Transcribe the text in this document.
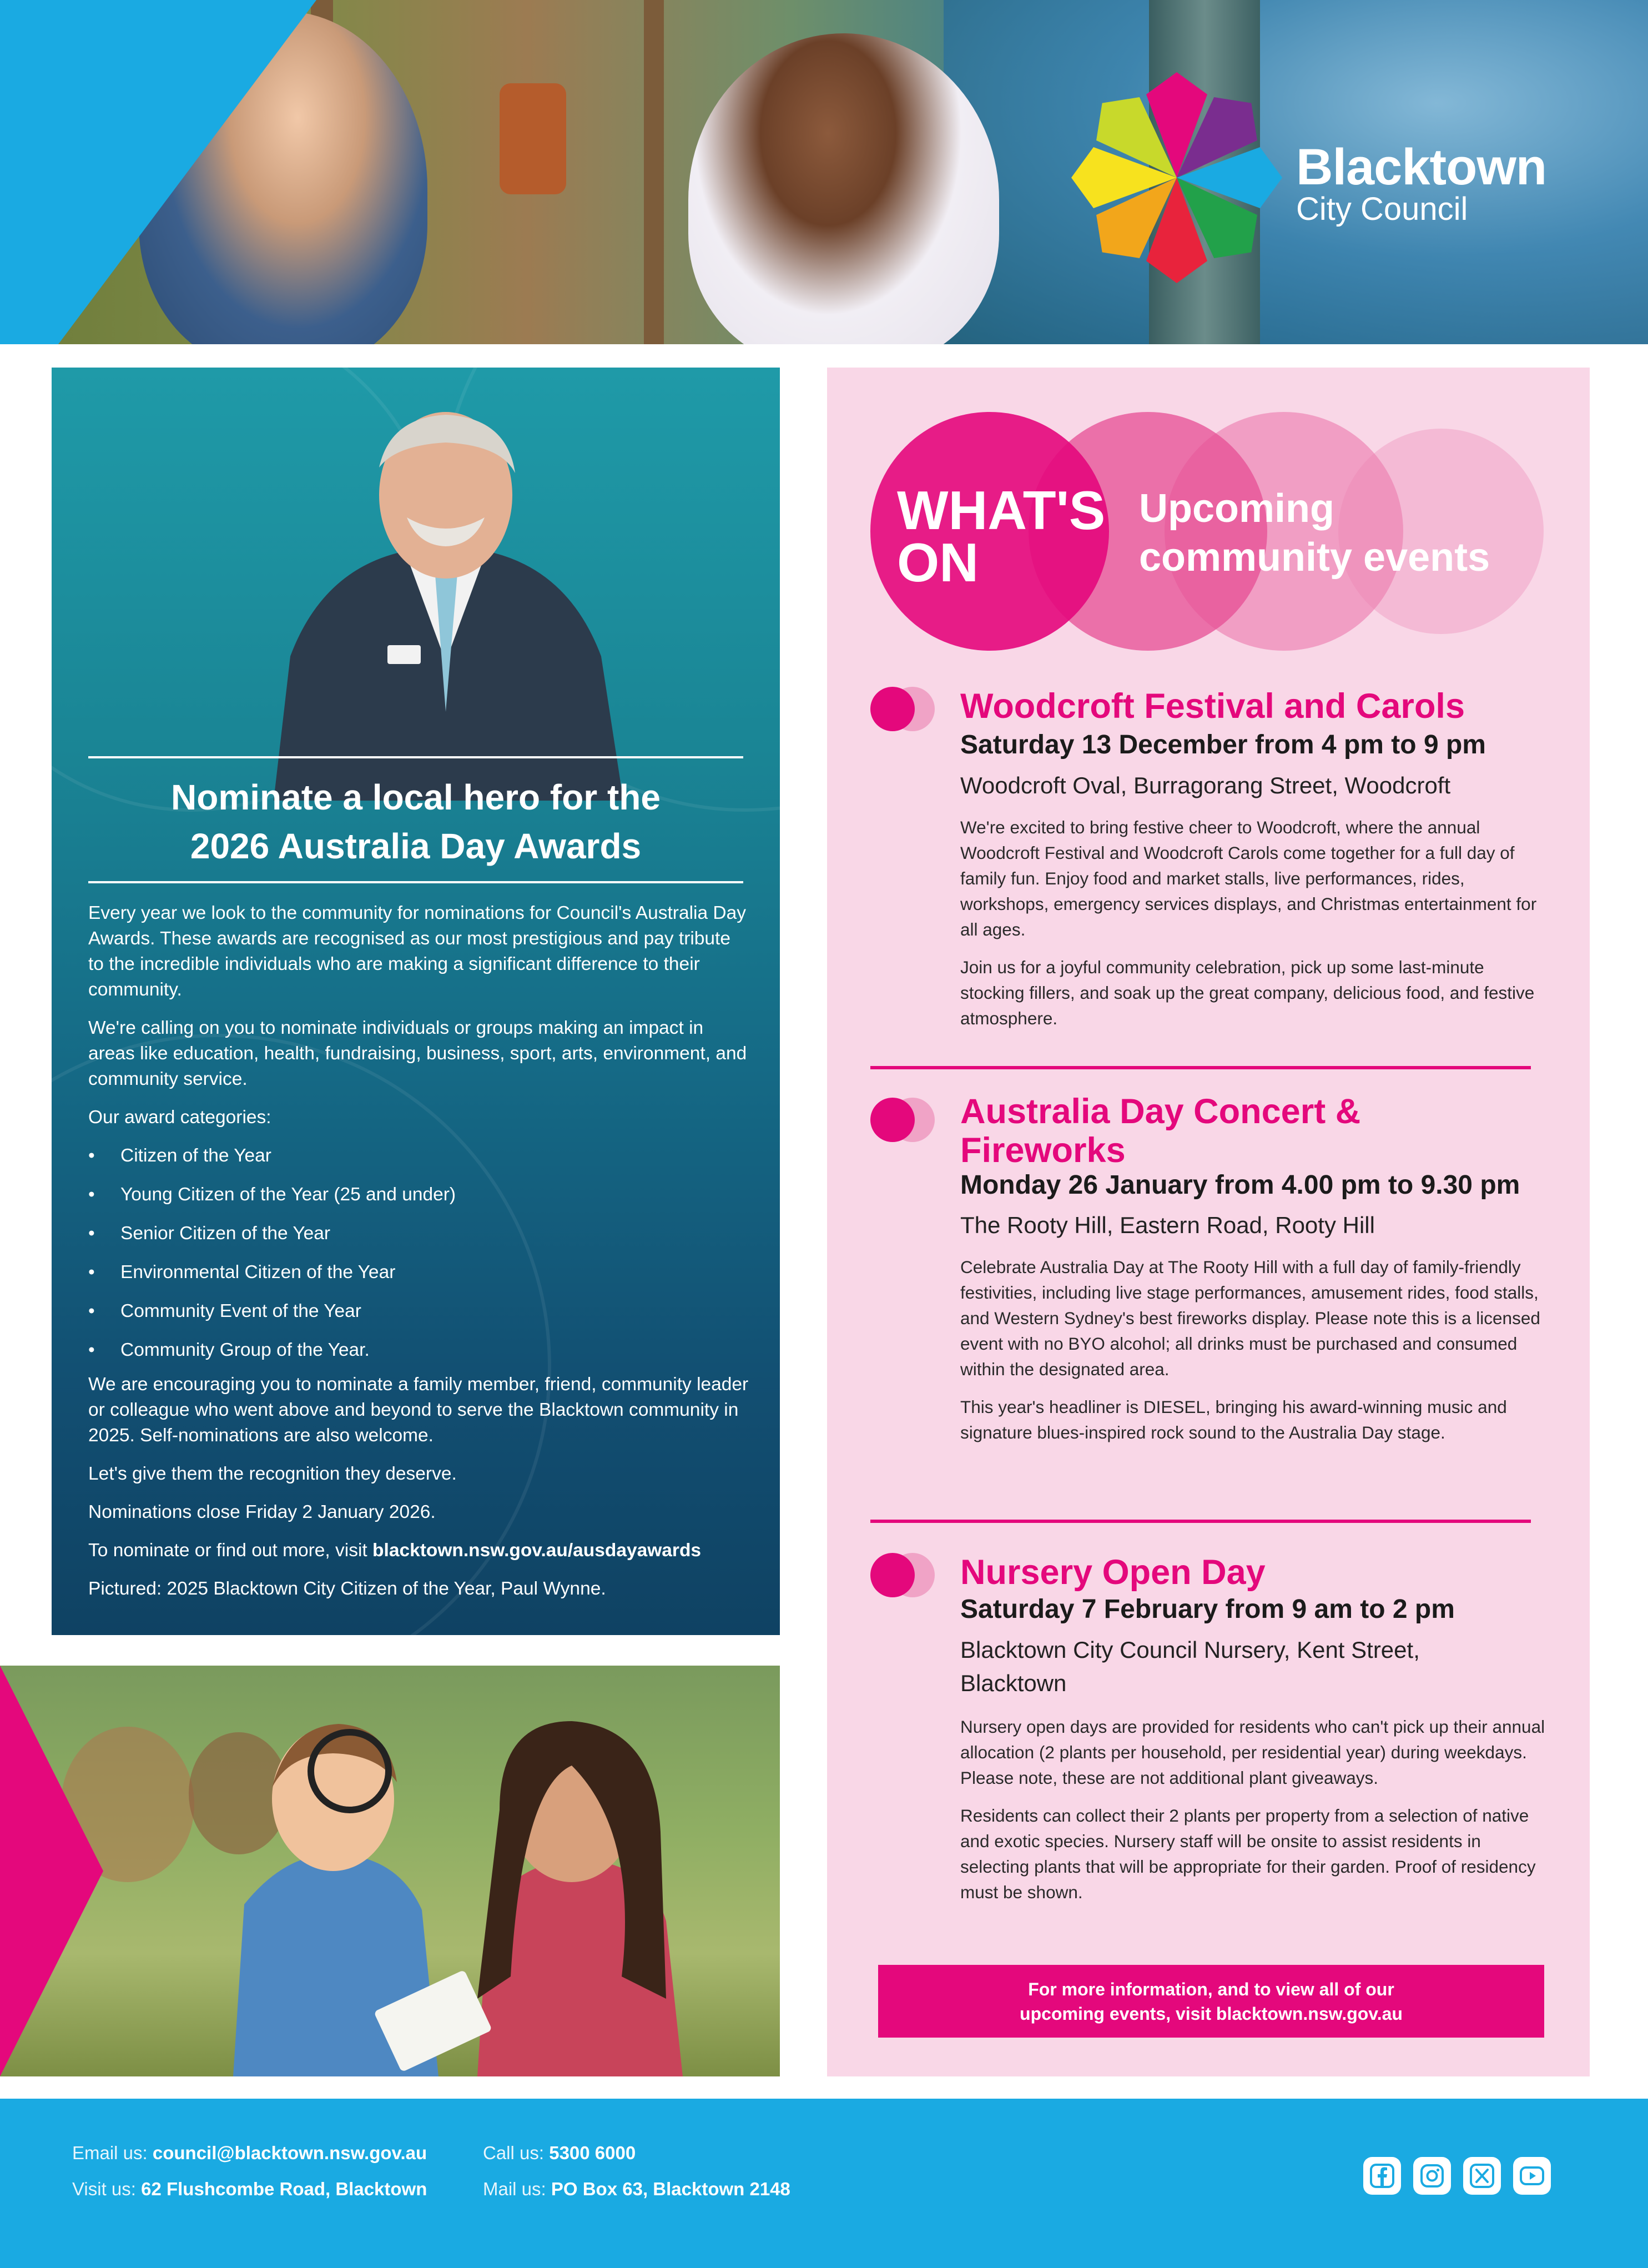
Blacktown
City Council
Nominate a local hero for the
2026 Australia Day Awards

Every year we look to the community for nominations for Council's Australia Day Awards. These awards are recognised as our most prestigious and pay tribute to the incredible individuals who are making a significant difference to their community.

We're calling on you to nominate individuals or groups making an impact in areas like education, health, fundraising, business, sport, arts, environment, and community service.

Our award categories:

• Citizen of the Year
• Young Citizen of the Year (25 and under)
• Senior Citizen of the Year
• Environmental Citizen of the Year
• Community Event of the Year
• Community Group of the Year.

We are encouraging you to nominate a family member, friend, community leader or colleague who went above and beyond to serve the Blacktown community in 2025. Self-nominations are also welcome.

Let's give them the recognition they deserve.

Nominations close Friday 2 January 2026.

To nominate or find out more, visit blacktown.nsw.gov.au/ausdayawards

Pictured: 2025 Blacktown City Citizen of the Year, Paul Wynne.

WHAT'S
ON
Upcoming
community events
Woodcroft Festival and Carols
Saturday 13 December from 4 pm to 9 pm
Woodcroft Oval, Burragorang Street, Woodcroft

We're excited to bring festive cheer to Woodcroft, where the annual Woodcroft Festival and Woodcroft Carols come together for a full day of family fun. Enjoy food and market stalls, live performances, rides, workshops, emergency services displays, and Christmas entertainment for all ages.

Join us for a joyful community celebration, pick up some last-minute stocking fillers, and soak up the great company, delicious food, and festive atmosphere.

Australia Day Concert & Fireworks
Monday 26 January from 4.00 pm to 9.30 pm
The Rooty Hill, Eastern Road, Rooty Hill

Celebrate Australia Day at The Rooty Hill with a full day of family-friendly festivities, including live stage performances, amusement rides, food stalls, and Western Sydney's best fireworks display. Please note this is a licensed event with no BYO alcohol; all drinks must be purchased and consumed within the designated area.

This year's headliner is DIESEL, bringing his award-winning music and signature blues-inspired rock sound to the Australia Day stage.

Nursery Open Day
Saturday 7 February from 9 am to 2 pm
Blacktown City Council Nursery, Kent Street, Blacktown

Nursery open days are provided for residents who can't pick up their annual allocation (2 plants per household, per residential year) during weekdays. Please note, these are not additional plant giveaways.

Residents can collect their 2 plants per property from a selection of native and exotic species. Nursery staff will be onsite to assist residents in selecting plants that will be appropriate for their garden. Proof of residency must be shown.

For more information, and to view all of our
upcoming events, visit blacktown.nsw.gov.au
Email us: council@blacktown.nsw.gov.au
Visit us: 62 Flushcombe Road, Blacktown
Call us: 5300 6000
Mail us: PO Box 63, Blacktown 2148
